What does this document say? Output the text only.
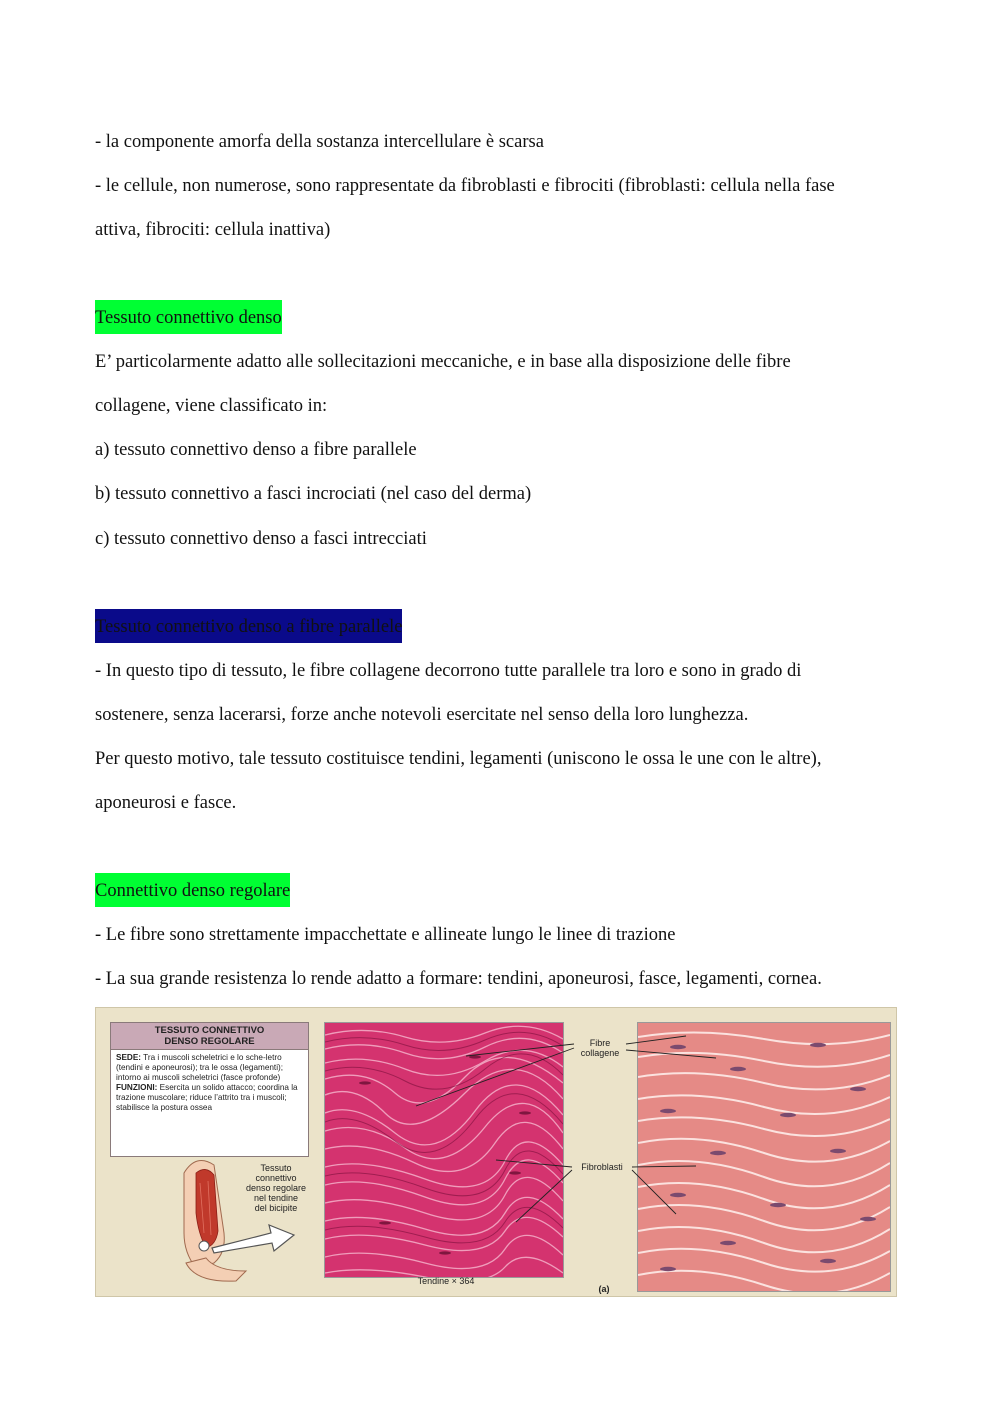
- la componente amorfa della sostanza intercellulare è scarsa
- le cellule, non numerose, sono rappresentate da fibroblasti e fibrociti (fibroblasti: cellula nella fase
attiva, fibrociti: cellula inattiva)
Tessuto connettivo denso
E’ particolarmente adatto alle sollecitazioni meccaniche, e in base alla disposizione delle fibre
collagene, viene classificato in:
a) tessuto connettivo denso a fibre parallele
b) tessuto connettivo a fasci incrociati (nel caso del derma)
c) tessuto connettivo denso a fasci intrecciati
Tessuto connettivo denso a fibre parallele
- In questo tipo di tessuto, le fibre collagene decorrono tutte parallele tra loro e sono in grado di
sostenere, senza lacerarsi, forze anche notevoli esercitate nel senso della loro lunghezza.
Per questo motivo, tale tessuto costituisce tendini, legamenti (uniscono le ossa le une con le altre),
aponeurosi e fasce.
Connettivo denso regolare
- Le fibre sono strettamente impacchettate e allineate lungo le linee di trazione
- La sua grande resistenza lo rende adatto a formare: tendini, aponeurosi, fasce, legamenti, cornea.
TESSUTO CONNETTIVO
DENSO REGOLARE
SEDE: Tra i muscoli scheletrici e lo sche-letro (tendini e aponeurosi); tra le ossa (legamenti); intorno ai muscoli scheletrici (fasce profonde)
FUNZIONI: Esercita un solido attacco; coordina la trazione muscolare; riduce l’attrito tra i muscoli; stabilisce la postura ossea
Tessuto
connettivo
denso regolare
nel tendine
del bicipite
Tendine × 364
Fibre
collagene
Fibroblasti
(a)
